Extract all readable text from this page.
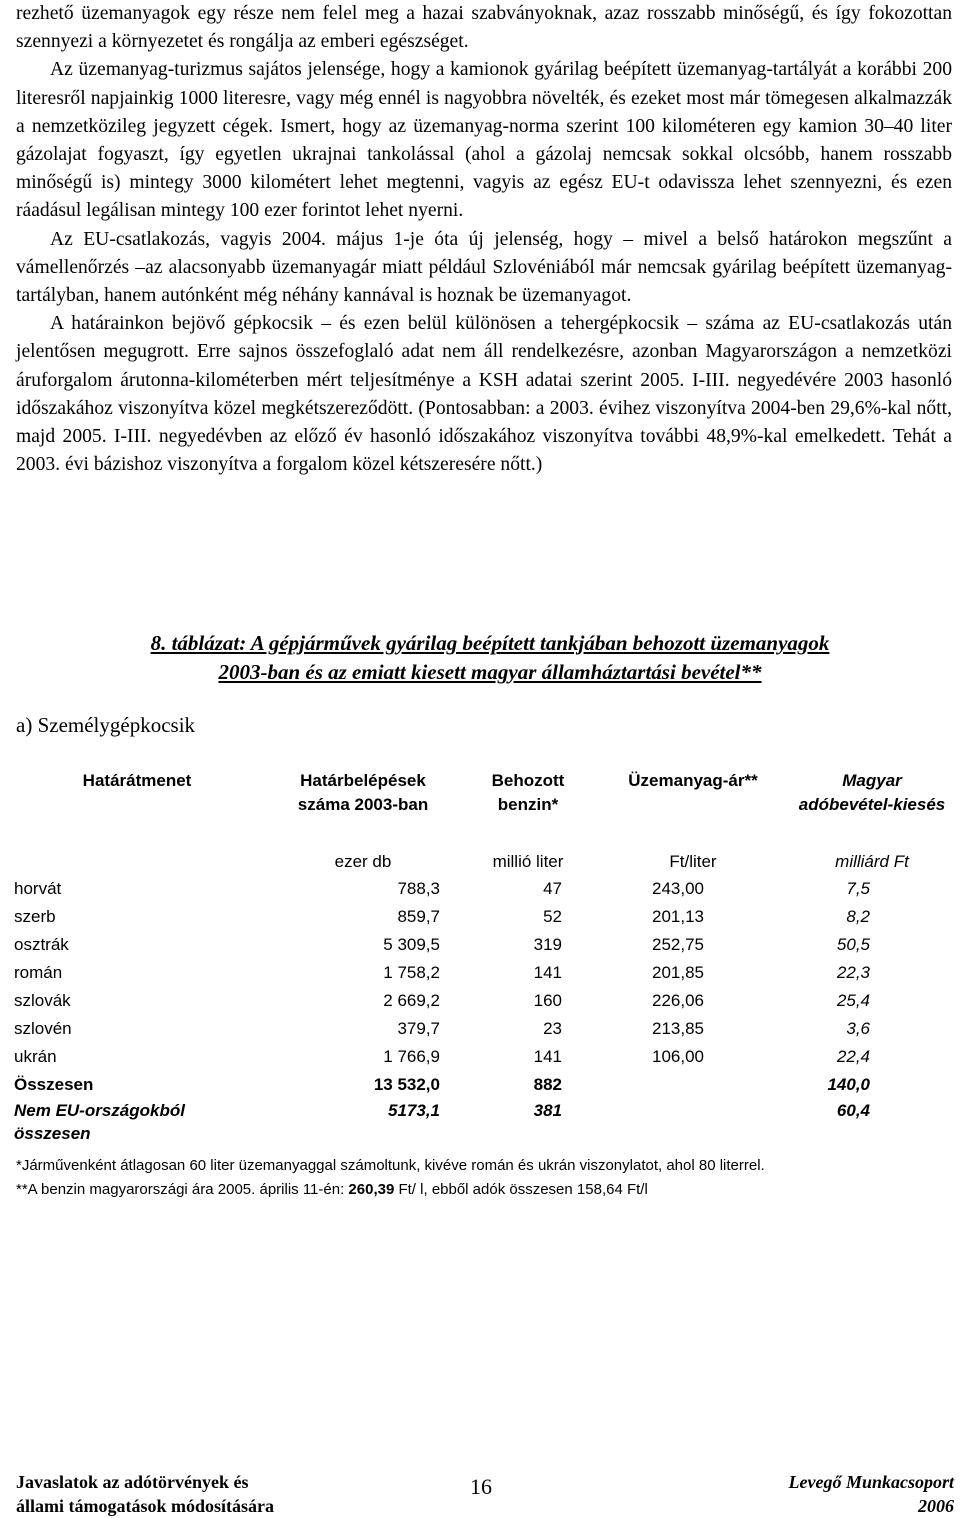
rezhető üzemanyagok egy része nem felel meg a hazai szabványoknak, azaz rosszabb minőségű, és így fokozottan szennyezi a környezetet és rongálja az emberi egészséget.

Az üzemanyag-turizmus sajátos jelensége, hogy a kamionok gyárilag beépített üzemanyag-tartályát a korábbi 200 literesről napjainkig 1000 literesre, vagy még ennél is nagyobbra növelték, és ezeket most már tömegesen alkalmazzák a nemzetközileg jegyzett cégek. Ismert, hogy az üzemanyag-norma szerint 100 kilométeren egy kamion 30–40 liter gázolajat fogyaszt, így egyetlen ukrajnai tankolással (ahol a gázolaj nemcsak sokkal olcsóbb, hanem rosszabb minőségű is) mintegy 3000 kilométert lehet megtenni, vagyis az egész EU-t odavissza lehet szennyezni, és ezen ráadásul legálisan mintegy 100 ezer forintot lehet nyerni.

Az EU-csatlakozás, vagyis 2004. május 1-je óta új jelenség, hogy – mivel a belső határokon megszűnt a vámellenőrzés –az alacsonyabb üzemanyagár miatt például Szlovéniából már nemcsak gyárilag beépített üzemanyag-tartályban, hanem autónként még néhány kannával is hoznak be üzemanyagot.

A határainkon bejövő gépkocsik – és ezen belül különösen a tehergépkocsik – száma az EU-csatlakozás után jelentősen megugrott. Erre sajnos összefoglaló adat nem áll rendelkezésre, azonban Magyarországon a nemzetközi áruforgalom árutonna-kilométerben mért teljesítménye a KSH adatai szerint 2005. I-III. negyedévére 2003 hasonló időszakához viszonyítva közel megkétszereződött. (Pontosabban: a 2003. évihez viszonyítva 2004-ben 29,6%-kal nőtt, majd 2005. I-III. negyedévben az előző év hasonló időszakához viszonyítva további 48,9%-kal emelkedett. Tehát a 2003. évi bázishoz viszonyítva a forgalom közel kétszeresére nőtt.)

8. táblázat: A gépjárművek gyárilag beépített tankjában behozott üzemanyagok
2003-ban és az emiatt kiesett magyar államháztartási bevétel**
a) Személygépkocsik
Határátmenet	Határbelépések száma 2003-ban	Behozott benzin*	Üzemanyag-ár**	Magyar adóbevétel-kiesés
	ezer db	millió liter	Ft/liter	milliárd Ft
horvát	788,3	47	243,00	7,5
szerb	859,7	52	201,13	8,2
osztrák	5 309,5	319	252,75	50,5
román	1 758,2	141	201,85	22,3
szlovák	2 669,2	160	226,06	25,4
szlovén	379,7	23	213,85	3,6
ukrán	1 766,9	141	106,00	22,4
Összesen	13 532,0	882		140,0

Nem EU-országokból
összesen	5173,1	381		60,4
*Járművenként átlagosan 60 liter üzemanyaggal számoltunk, kivéve román és ukrán viszonylatot, ahol 80 literrel.
**A benzin magyarországi ára 2005. április 11-én: 260,39 Ft/ l, ebből adók összesen 158,64 Ft/l
Javaslatok az adótörvények és
állami támogatások módosítására
16	Levegő Munkacsoport
2006
